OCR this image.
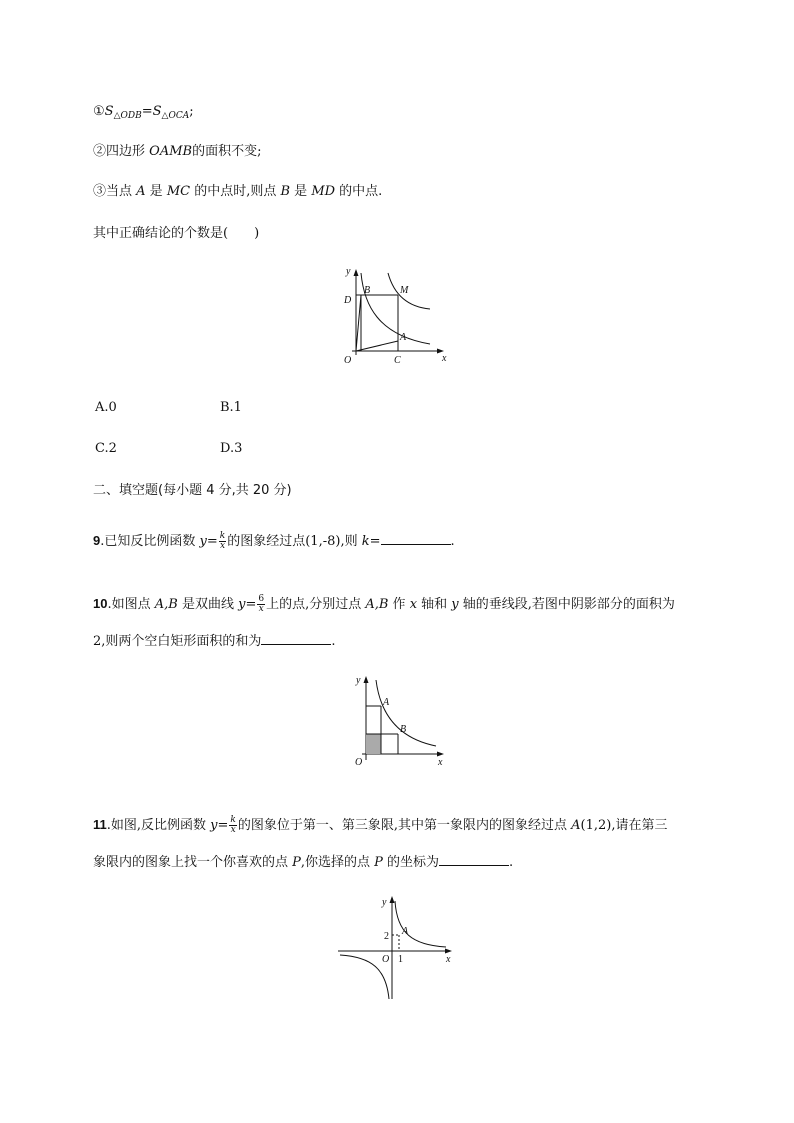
$①S_{\triangle ODB}=S_{\triangle OCA}$;
②四边形 OAMB的面积不变;
③当点 A 是 MC 的中点时,则点 B 是 MD 的中点.
其中正确结论的个数是(　　)
y
x
O	C
D
B	M
A
A.0	B.1
C.2	D.3
二、填空题(每小题 4 分,共 20 分)
9.已知反比例函数 $y= \frac{k}{x}$ 的图象经过点(1,-8),则 k=	.
10.如图点 A,B 是双曲线 $y= \frac{6}{x}$ 上的点,分别过点 A,B 作 x 轴和 y 轴的垂线段,若图中阴影部分的面积为
2,则两个空白矩形面积的和为	.
y
x
O
A
B
11.如图,反比例函数 $y= \frac{k}{x}$ 的图象位于第一、第三象限,其中第一象限内的图象经过点 A(1,2),请在第三
象限内的图象上找一个你喜欢的点 P,你选择的点 P 的坐标为	.
y
x
O
A
2
1
